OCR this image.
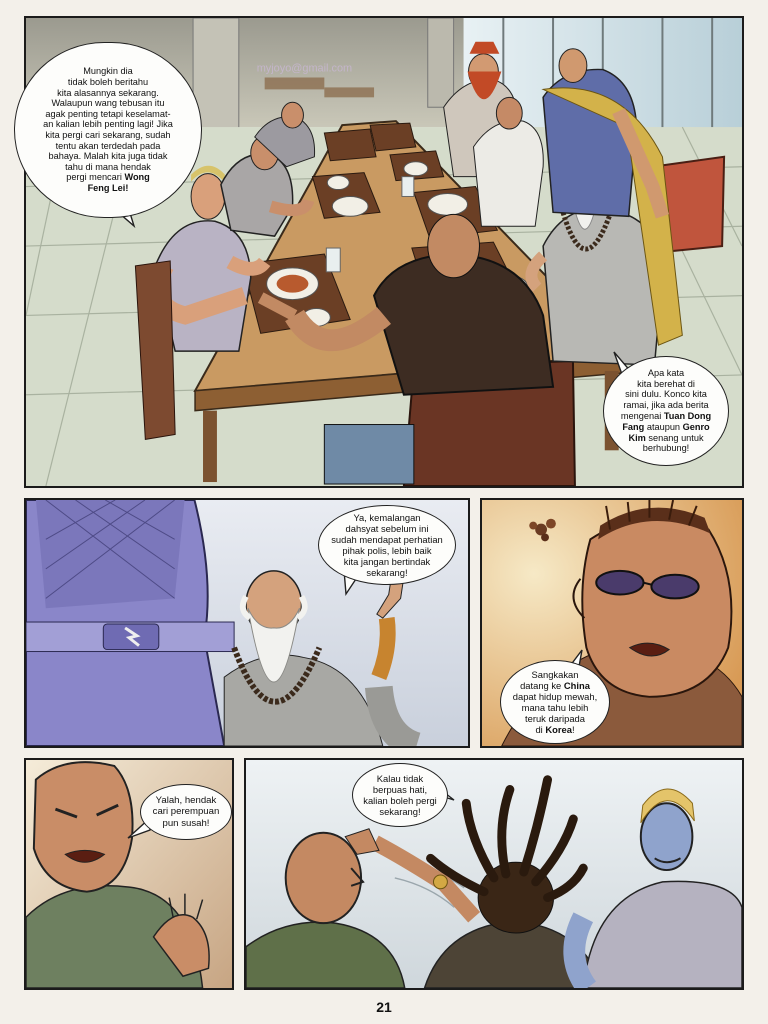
myjoyo@gmail.com

Mungkin dia
tidak boleh beritahu
kita alasannya sekarang.
Walaupun wang tebusan itu
agak penting tetapi keselamat-
an kalian lebih penting lagi! Jika
kita pergi cari sekarang, sudah
tentu akan terdedah pada
bahaya. Malah kita juga tidak
tahu di mana hendak
pergi mencari Wong
Feng Lei!

Apa kata
kita berehat di
sini dulu. Konco kita
ramai, jika ada berita
mengenai Tuan Dong
Fang ataupun Genro
Kim senang untuk
berhubung!

Ya, kemalangan
dahsyat sebelum ini
sudah mendapat perhatian
pihak polis, lebih baik
kita jangan bertindak
sekarang!

Sangkakan
datang ke China
dapat hidup mewah,
mana tahu lebih
teruk daripada
di Korea!

Yalah, hendak
cari perempuan
pun susah!

Kalau tidak
berpuas hati,
kalian boleh pergi
sekarang!

21
